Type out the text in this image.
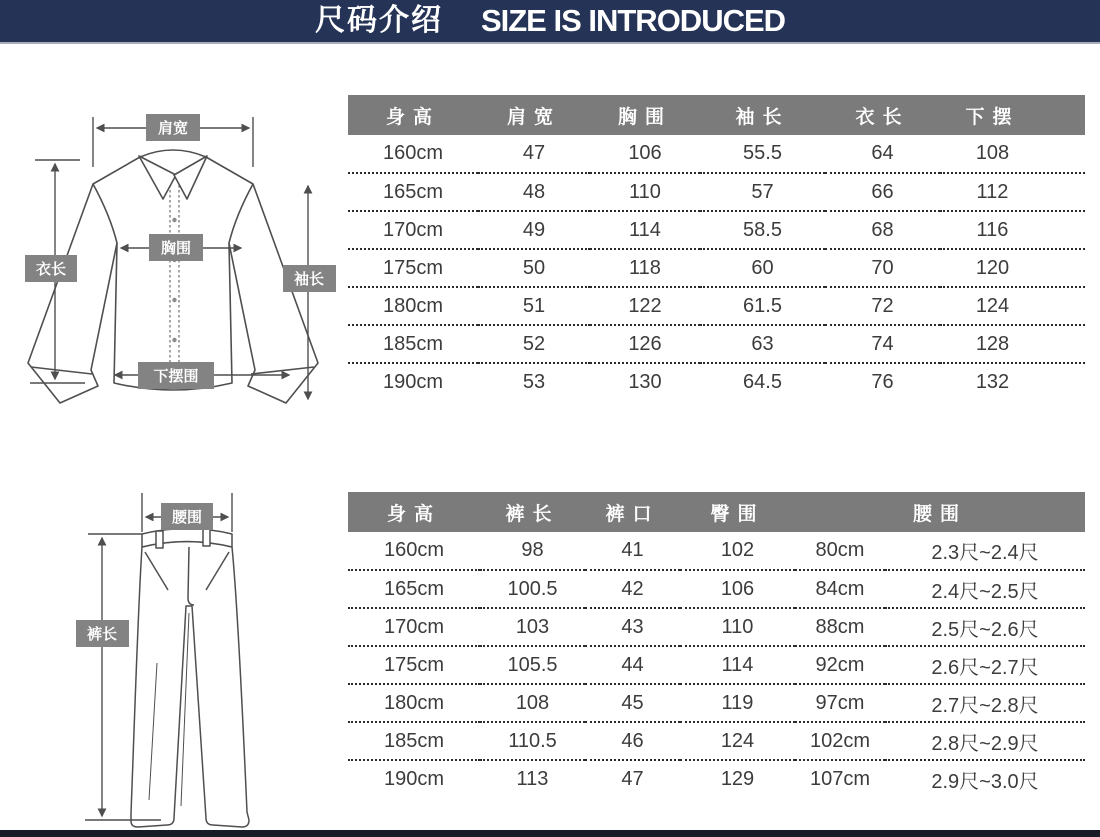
尺码介绍 SIZE IS INTRODUCED
肩宽
衣长
胸围
袖长
下摆围
身高	肩宽	胸围	袖长	衣长	下摆
160cm	47	106	55.5	64	108
165cm	48	110	57	66	112
170cm	49	114	58.5	68	116
175cm	50	118	60	70	120
180cm	51	122	61.5	72	124
185cm	52	126	63	74	128
190cm	53	130	64.5	76	132
腰围
裤长
身高	裤长	裤口	臀围	腰围	
160cm	98	41	102	80cm	2.3尺~2.4尺
165cm	100.5	42	106	84cm	2.4尺~2.5尺
170cm	103	43	110	88cm	2.5尺~2.6尺
175cm	105.5	44	114	92cm	2.6尺~2.7尺
180cm	108	45	119	97cm	2.7尺~2.8尺
185cm	110.5	46	124	102cm	2.8尺~2.9尺
190cm	113	47	129	107cm	2.9尺~3.0尺
